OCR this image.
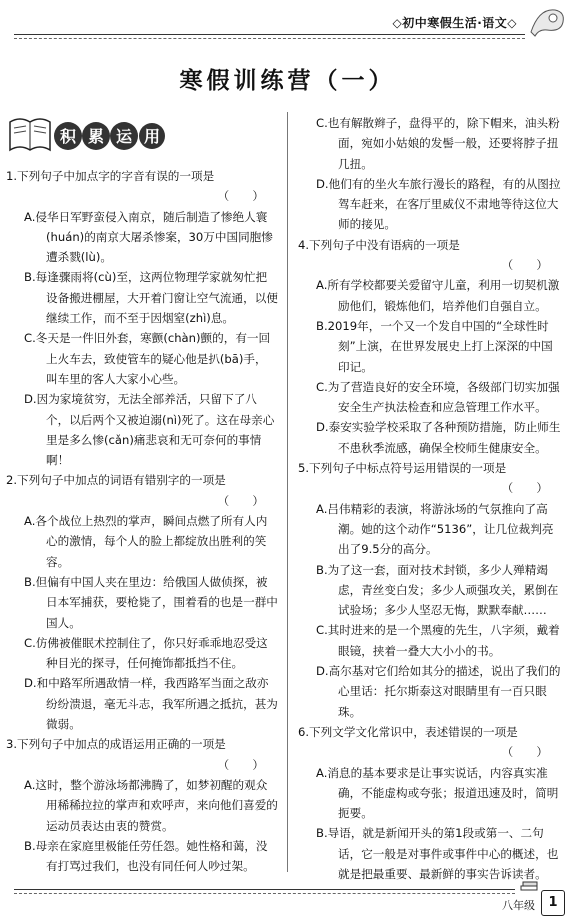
◇初中寒假生活·语文◇
寒假训练营（一）
积 累 运 用

1.下列句子中加点字的字音有误的一项是

（　　）

A.侵华日军野蛮侵入南京，随后制造了惨绝人寰(huán)的南京大屠杀惨案，30万中国同胞惨遭杀戮(lù)。

B.每逢骤雨将(cù)至，这两位物理学家就匆忙把设备搬进棚屋，大开着门窗让空气流通，以便继续工作，而不至于因烟窒(zhì)息。

C.冬天是一件旧外套，寒颤(chàn)颤的，有一回上火车去，致使管车的疑心他是扒(bā)手，叫车里的客人大家小心些。

D.因为家境贫穷，无法全部养活，只留下了八个，以后两个又被迫溺(nì)死了。这在母亲心里是多么惨(cǎn)痛悲哀和无可奈何的事情啊！

2.下列句子中加点的词语有错别字的一项是

（　　）

A.各个战位上热烈的掌声，瞬间点燃了所有人内心的激情，每个人的脸上都绽放出胜利的笑容。

B.但偏有中国人夹在里边：给俄国人做侦探，被日本军捕获，要枪毙了，围着看的也是一群中国人。

C.仿佛被催眠术控制住了，你只好乖乖地忍受这种目光的探寻，任何掩饰都抵挡不住。

D.和中路军所遇敌情一样，我西路军当面之敌亦纷纷溃退，毫无斗志，我军所遇之抵抗，甚为微弱。

3.下列句子中加点的成语运用正确的一项是

（　　）

A.这时，整个游泳场都沸腾了，如梦初醒的观众用稀稀拉拉的掌声和欢呼声，来向他们喜爱的运动员表达由衷的赞赏。

B.母亲在家庭里极能任劳任怨。她性格和蔼，没有打骂过我们，也没有同任何人吵过架。

C.也有解散辫子，盘得平的，除下帽来，油头粉面，宛如小姑娘的发髻一般，还要将脖子扭几扭。

D.他们有的坐火车旅行漫长的路程，有的从图拉驾车赶来，在客厅里威仪不肃地等待这位大师的接见。

4.下列句子中没有语病的一项是

（　　）

A.所有学校都要关爱留守儿童，利用一切契机激励他们，锻炼他们，培养他们自强自立。

B.2019年，一个又一个发自中国的“全球性时刻”上演，在世界发展史上打上深深的中国印记。

C.为了营造良好的安全环境，各级部门切实加强安全生产执法检查和应急管理工作水平。

D.泰安实验学校采取了各种预防措施，防止师生不患秋季流感，确保全校师生健康安全。

5.下列句子中标点符号运用错误的一项是

（　　）

A.吕伟精彩的表演，将游泳场的气氛推向了高潮。她的这个动作“5136”，让几位裁判亮出了9.5分的高分。

B.为了这一套，面对技术封锁，多少人殚精竭虑，青丝变白发；多少人顽强攻关，累倒在试验场；多少人坚忍无悔，默默奉献……

C.其时进来的是一个黑瘦的先生，八字须，戴着眼镜，挟着一叠大大小小的书。

D.高尔基对它们给如其分的描述，说出了我们的心里话：托尔斯泰这对眼睛里有一百只眼珠。

6.下列文学文化常识中，表述错误的一项是

（　　）

A.消息的基本要求是让事实说话，内容真实准确，不能虚构或夸张；报道迅速及时，简明扼要。

B.导语，就是新闻开头的第1段或第一、二句话，它一般是对事件或事件中心的概述，也就是把最重要、最新鲜的事实告诉读者。

八年级	1
